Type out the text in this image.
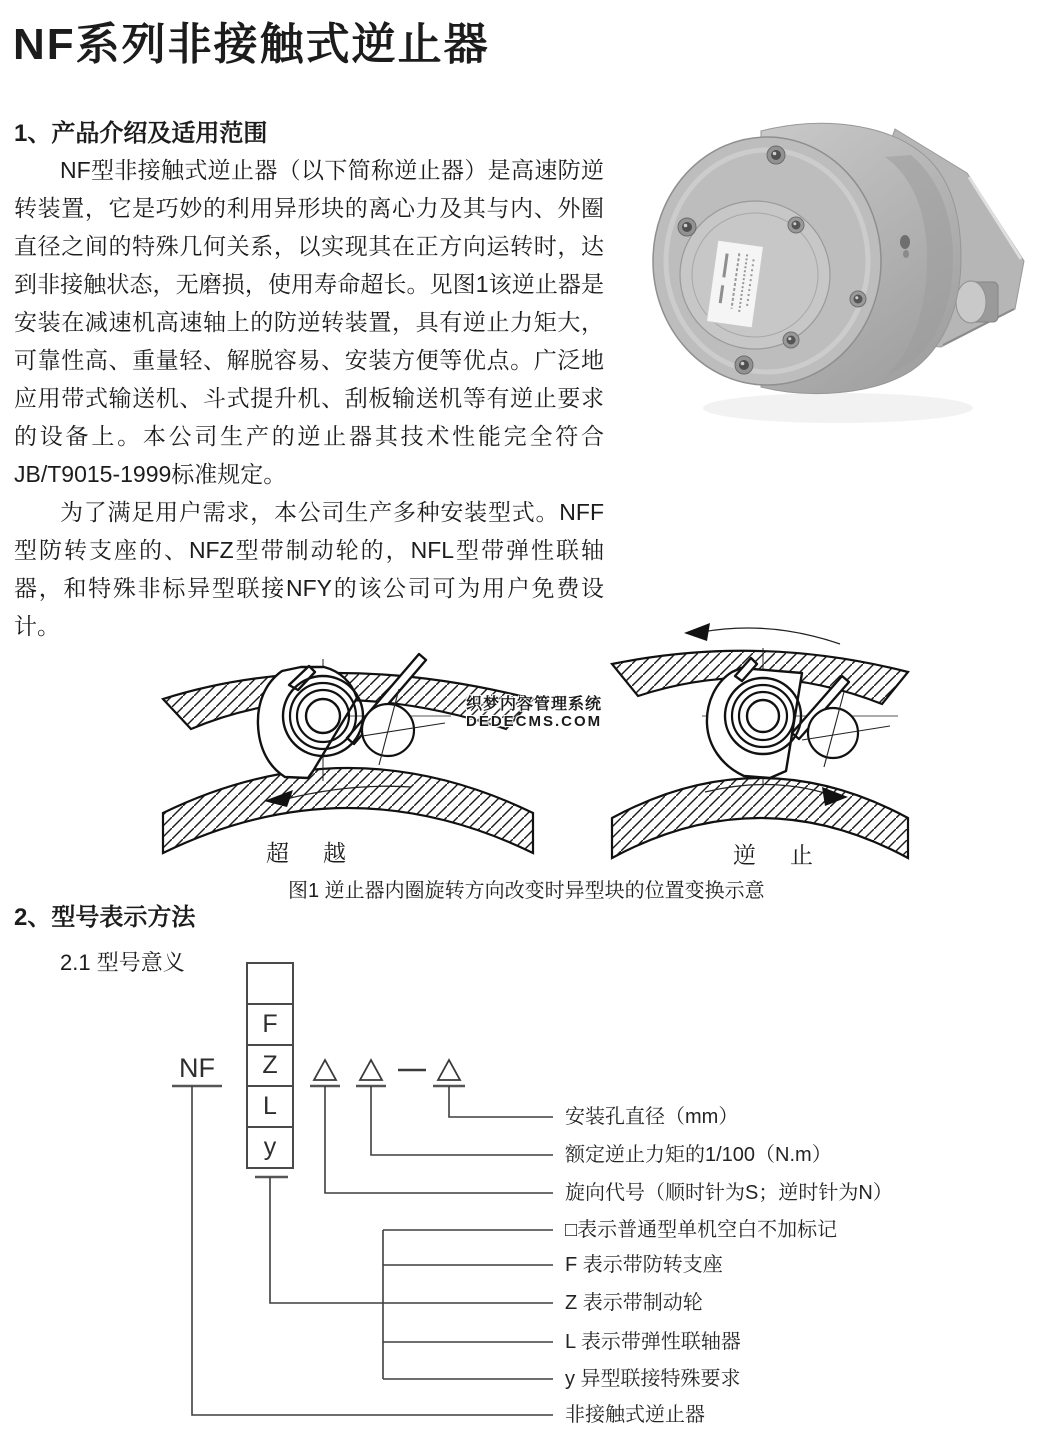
NF系列非接触式逆止器
1、产品介绍及适用范围

NF型非接触式逆止器（以下简称逆止器）是高速防逆转装置，它是巧妙的利用异形块的离心力及其与内、外圈直径之间的特殊几何关系，以实现其在正方向运转时，达到非接触状态，无磨损，使用寿命超长。见图1该逆止器是安装在减速机高速轴上的防逆转装置，具有逆止力矩大，可靠性高、重量轻、解脱容易、安装方便等优点。广泛地应用带式输送机、斗式提升机、刮板输送机等有逆止要求的设备上。本公司生产的逆止器其技术性能完全符合JB/T9015-1999标准规定。

为了满足用户需求，本公司生产多种安装型式。NFF型防转支座的、NFZ型带制动轮的，NFL型带弹性联轴器，和特殊非标异型联接NFY的该公司可为用户免费设计。

织梦内容管理系统
DEDECMS.COM
超越	逆止
图1 逆止器内圈旋转方向改变时异型块的位置变换示意
2、型号表示方法
2.1 型号意义
NF
F
Z
L
y
安装孔直径（mm）
额定逆止力矩的1/100（N.m）
旋向代号（顺时针为S；逆时针为N）
□表示普通型单机空白不加标记
F 表示带防转支座
Z 表示带制动轮
L 表示带弹性联轴器
y 异型联接特殊要求
非接触式逆止器
